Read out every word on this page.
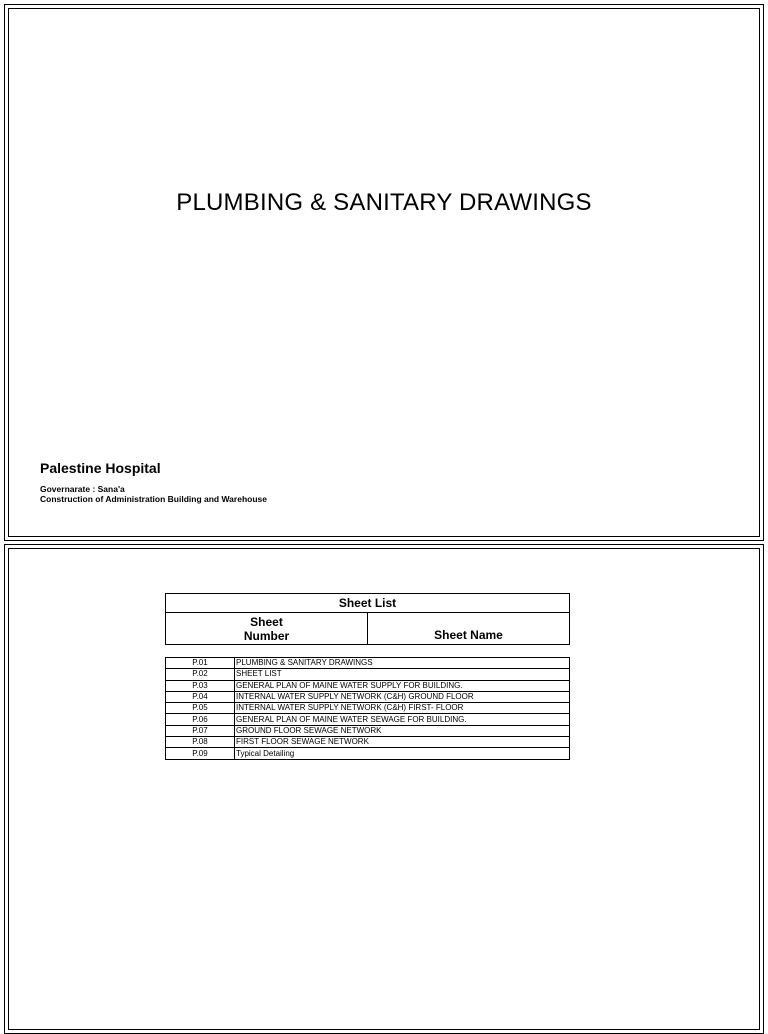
PLUMBING & SANITARY DRAWINGS
Palestine Hospital
Governarate : Sana'a
Construction of Administration Building and Warehouse
Sheet List

Sheet
Number	Sheet Name
P.01	PLUMBING & SANITARY DRAWINGS
P.02	SHEET LIST
P.03	GENERAL PLAN OF MAINE WATER SUPPLY FOR BUILDING.
P.04	INTERNAL WATER SUPPLY NETWORK (C&H) GROUND FLOOR
P.05	INTERNAL WATER SUPPLY NETWORK (C&H) FIRST- FLOOR
P.06	GENERAL PLAN OF MAINE WATER SEWAGE FOR BUILDING.
P.07	GROUND FLOOR SEWAGE NETWORK
P.08	FIRST FLOOR SEWAGE NETWORK
P.09	Typical Detailing
